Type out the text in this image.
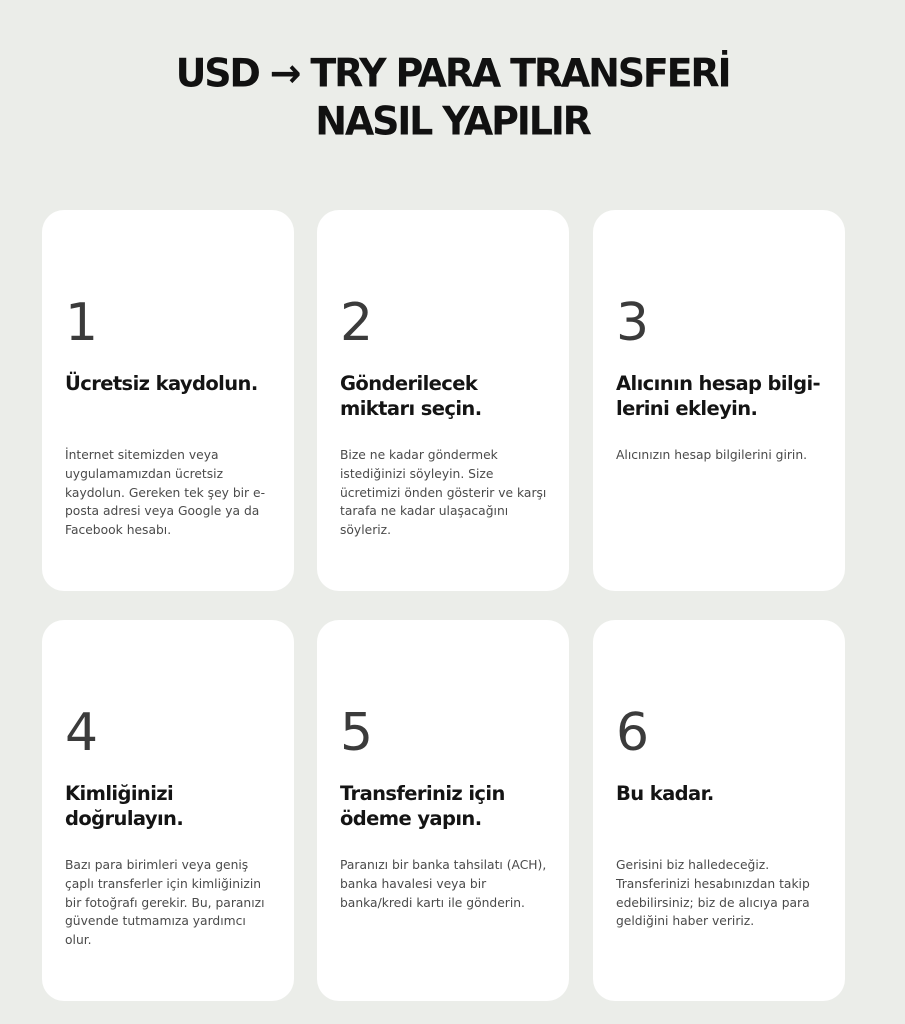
USD → TRY PARA TRANSFERİ
NASIL YAPILIR
1
Ücretsiz kaydolun.
İnternet sitemizden veya uygulamamızdan ücretsiz kaydolun. Gereken tek şey bir e-posta adresi veya Google ya da Facebook hesabı.
2
Gönderilecek miktarı seçin.
Bize ne kadar göndermek istediğinizi söyleyin. Size ücretimizi önden gösterir ve karşı tarafa ne kadar ulaşacağını söyleriz.
3
Alıcının hesap bilgilerini ekleyin.
Alıcınızın hesap bilgilerini girin.
4
Kimliğinizi doğrulayın.
Bazı para birimleri veya geniş çaplı transferler için kimliğinizin bir fotoğrafı gerekir. Bu, paranızı güvende tutmamıza yardımcı olur.
5
Transferiniz için ödeme yapın.
Paranızı bir banka tahsilatı (ACH), banka havalesi veya bir banka/kredi kartı ile gönderin.
6
Bu kadar.
Gerisini biz halledeceğiz. Transferinizi hesabınızdan takip edebilirsiniz; biz de alıcıya para geldiğini haber veririz.
